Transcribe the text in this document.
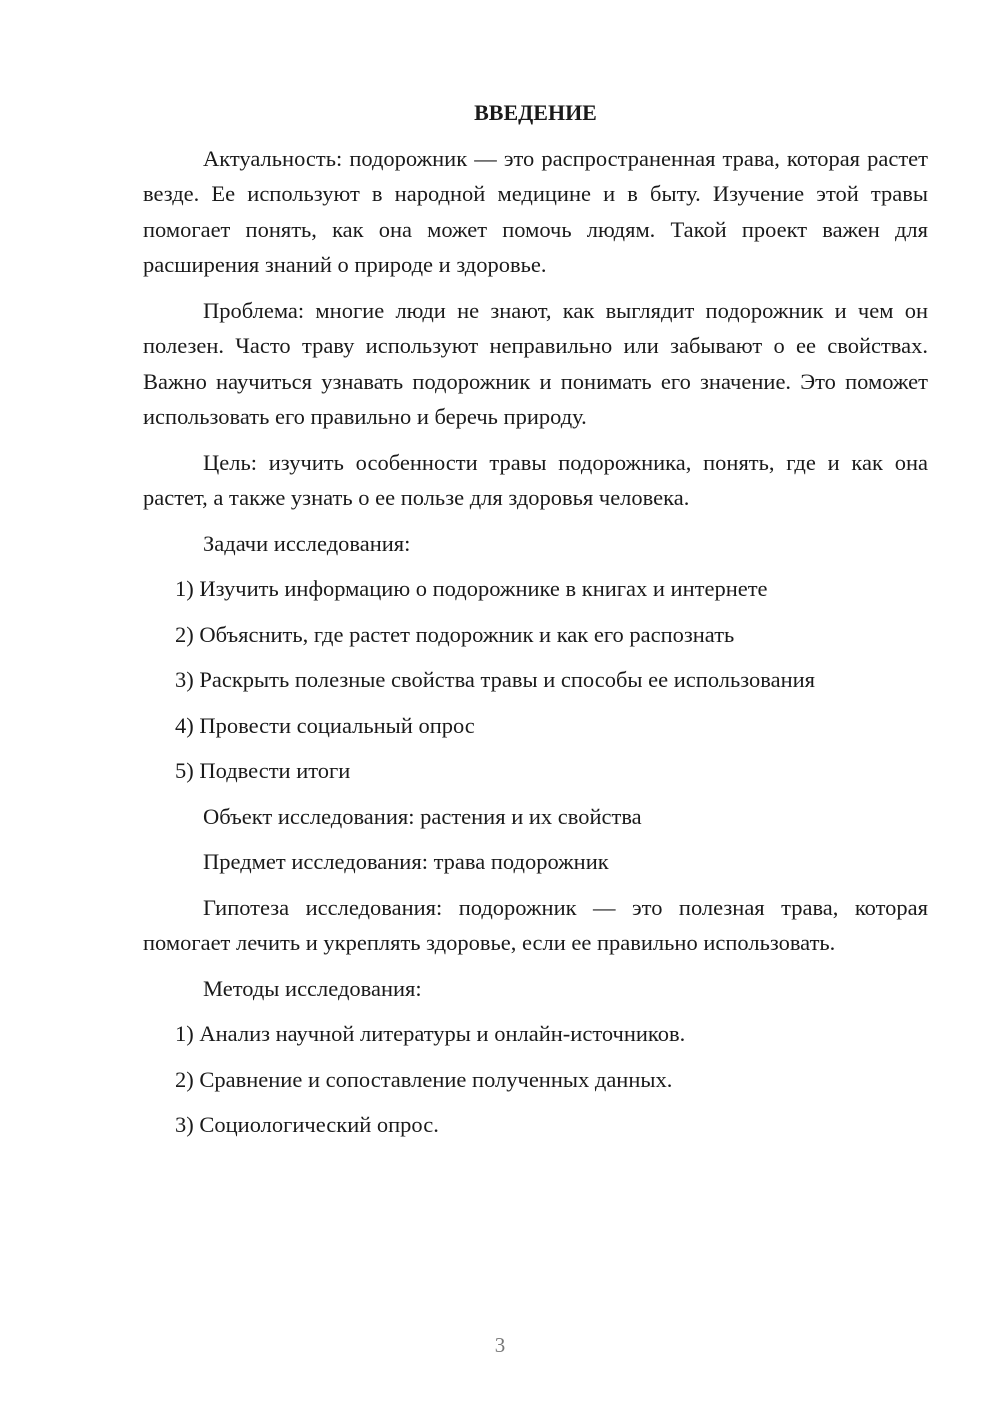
ВВЕДЕНИЕ

Актуальность: подорожник — это распространенная трава, которая растет везде. Ее используют в народной медицине и в быту. Изучение этой травы помогает понять, как она может помочь людям. Такой проект важен для расширения знаний о природе и здоровье.

Проблема: многие люди не знают, как выглядит подорожник и чем он полезен. Часто траву используют неправильно или забывают о ее свойствах. Важно научиться узнавать подорожник и понимать его значение. Это поможет использовать его правильно и беречь природу.

Цель: изучить особенности травы подорожника, понять, где и как она растет, а также узнать о ее пользе для здоровья человека.

Задачи исследования:

1) Изучить информацию о подорожнике в книгах и интернете

2) Объяснить, где растет подорожник и как его распознать

3) Раскрыть полезные свойства травы и способы ее использования

4) Провести социальный опрос

5) Подвести итоги

Объект исследования: растения и их свойства

Предмет исследования: трава подорожник

Гипотеза исследования: подорожник — это полезная трава, которая помогает лечить и укреплять здоровье, если ее правильно использовать.

Методы исследования:

1) Анализ научной литературы и онлайн-источников.

2) Сравнение и сопоставление полученных данных.

3) Социологический опрос.

3
